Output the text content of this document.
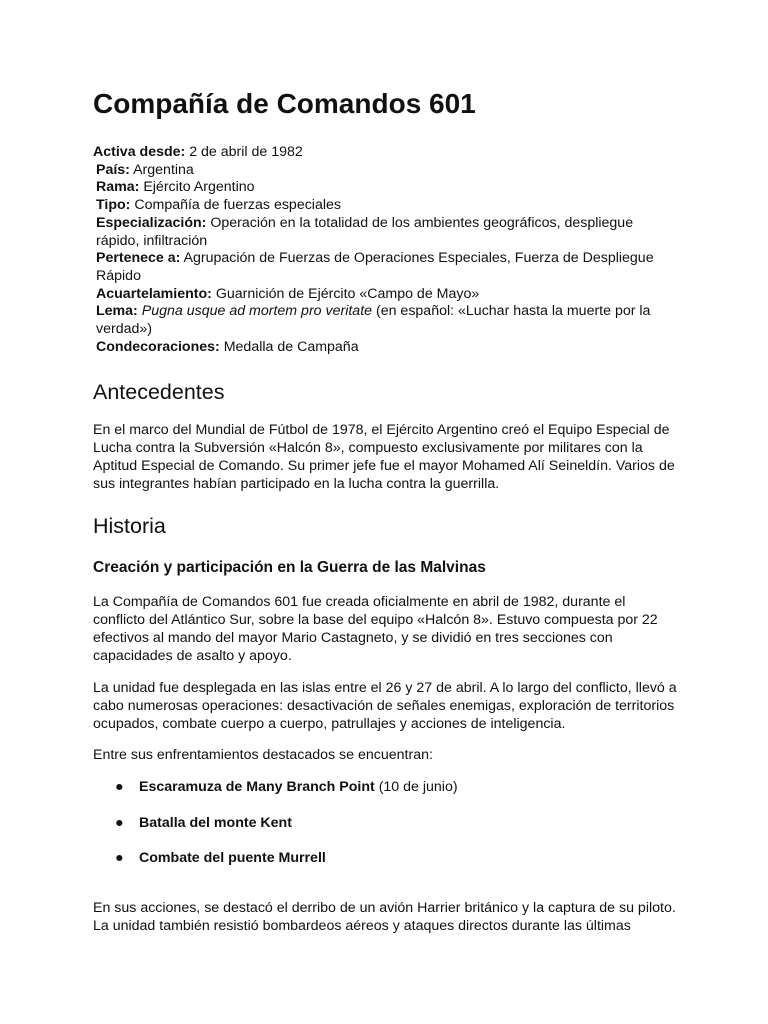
Compañía de Comandos 601
Activa desde: 2 de abril de 1982
País: Argentina
Rama: Ejército Argentino
Tipo: Compañía de fuerzas especiales
Especialización: Operación en la totalidad de los ambientes geográficos, despliegue rápido, infiltración
Pertenece a: Agrupación de Fuerzas de Operaciones Especiales, Fuerza de Despliegue Rápido
Acuartelamiento: Guarnición de Ejército «Campo de Mayo»
Lema: Pugna usque ad mortem pro veritate (en español: «Luchar hasta la muerte por la verdad»)
Condecoraciones: Medalla de Campaña
Antecedentes

En el marco del Mundial de Fútbol de 1978, el Ejército Argentino creó el Equipo Especial de Lucha contra la Subversión «Halcón 8», compuesto exclusivamente por militares con la Aptitud Especial de Comando. Su primer jefe fue el mayor Mohamed Alí Seineldín. Varios de sus integrantes habían participado en la lucha contra la guerrilla.

Historia
Creación y participación en la Guerra de las Malvinas

La Compañía de Comandos 601 fue creada oficialmente en abril de 1982, durante el conflicto del Atlántico Sur, sobre la base del equipo «Halcón 8». Estuvo compuesta por 22 efectivos al mando del mayor Mario Castagneto, y se dividió en tres secciones con capacidades de asalto y apoyo.

La unidad fue desplegada en las islas entre el 26 y 27 de abril. A lo largo del conflicto, llevó a cabo numerosas operaciones: desactivación de señales enemigas, exploración de territorios ocupados, combate cuerpo a cuerpo, patrullajes y acciones de inteligencia.

Entre sus enfrentamientos destacados se encuentran:

● Escaramuza de Many Branch Point (10 de junio)
● Batalla del monte Kent
● Combate del puente Murrell

En sus acciones, se destacó el derribo de un avión Harrier británico y la captura de su piloto. La unidad también resistió bombardeos aéreos y ataques directos durante las últimas
